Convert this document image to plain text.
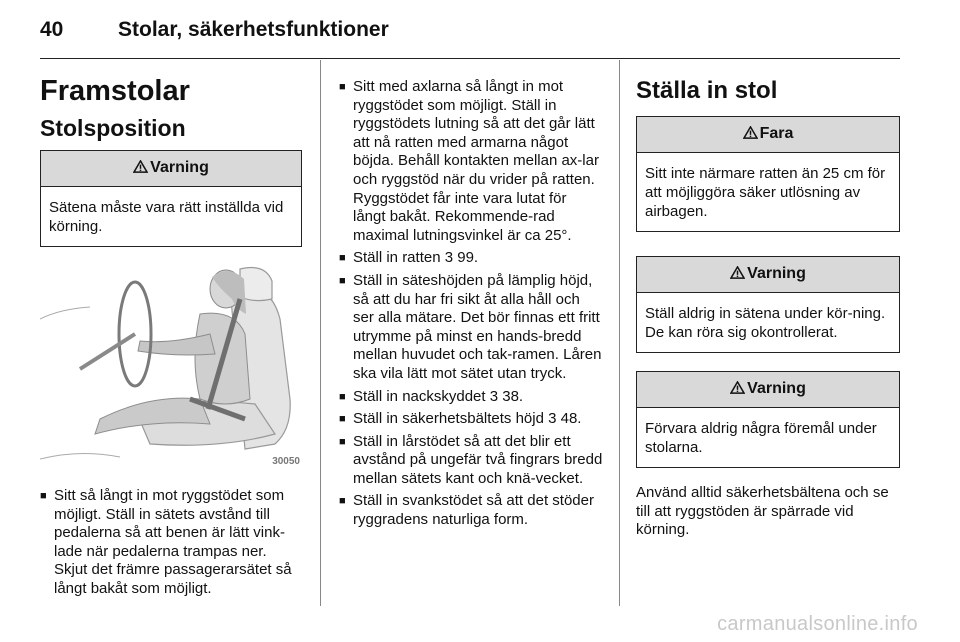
40	Stolar, säkerhetsfunktioner
Framstolar
Stolsposition
Varning
Sätena måste vara rätt inställda vid körning.
30050
■ Sitt så långt in mot ryggstödet som möjligt. Ställ in sätets avstånd till pedalerna så att benen är lätt vink-lade när pedalerna trampas ner. Skjut det främre passagerarsätet så långt bakåt som möjligt.
■ Sitt med axlarna så långt in mot ryggstödet som möjligt. Ställ in ryggstödets lutning så att det går lätt att nå ratten med armarna något böjda. Behåll kontakten mellan ax-lar och ryggstöd när du vrider på ratten. Ryggstödet får inte vara lutat för långt bakåt. Rekommende-rad maximal lutningsvinkel är ca 25°.
■ Ställ in ratten 3 99.
■ Ställ in säteshöjden på lämplig höjd, så att du har fri sikt åt alla håll och ser alla mätare. Det bör finnas ett fritt utrymme på minst en hands-bredd mellan huvudet och tak-ramen. Låren ska vila lätt mot sätet utan tryck.
■ Ställ in nackskyddet 3 38.
■ Ställ in säkerhetsbältets höjd 3 48.
■ Ställ in lårstödet så att det blir ett avstånd på ungefär två fingrars bredd mellan sätets kant och knä-vecket.
■ Ställ in svankstödet så att det stöder ryggradens naturliga form.
Ställa in stol
Fara
Sitt inte närmare ratten än 25 cm för att möjliggöra säker utlösning av airbagen.
Varning
Ställ aldrig in sätena under kör-ning. De kan röra sig okontrollerat.
Varning
Förvara aldrig några föremål under stolarna.

Använd alltid säkerhetsbältena och se till att ryggstöden är spärrade vid körning.

carmanualsonline.info
